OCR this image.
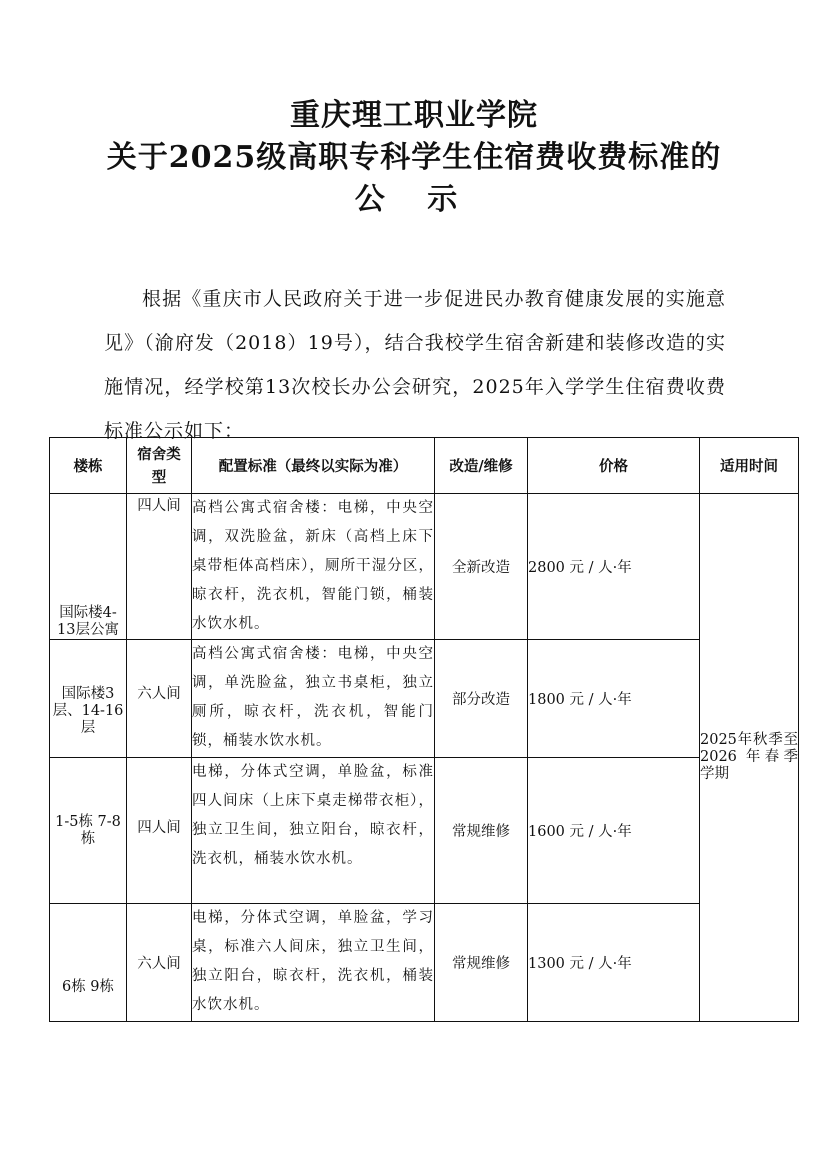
重庆理工职业学院
关于2025级高职专科学生住宿费收费标准的
公 示

根据《重庆市人民政府关于进一步促进民办教育健康发展的实施意见》（渝府发（2018）19号），结合我校学生宿舍新建和装修改造的实施情况，经学校第13次校长办公会研究，2025年入学学生住宿费收费标准公示如下：

楼栋	宿舍类型	配置标准（最终以实际为准）	改造/维修	价格	适用时间
国际楼4-13层公寓	四人间	高档公寓式宿舍楼：电梯，中央空调，双洗脸盆，新床（高档上床下桌带柜体高档床），厕所干湿分区，晾衣杆，洗衣机，智能门锁，桶装水饮水机。	全新改造	2800 元 / 人·年	2025年秋季至 2026 年春季学期

国际楼3层、14-16层	六人间	高档公寓式宿舍楼：电梯，中央空调，单洗脸盆，独立书桌柜，独立厕所，晾衣杆，洗衣机，智能门锁，桶装水饮水机。	部分改造	1800 元 / 人·年	
1-5栋 7-8栋	四人间	电梯，分体式空调，单脸盆，标准四人间床（上床下桌走梯带衣柜），独立卫生间，独立阳台，晾衣杆，洗衣机，桶装水饮水机。	常规维修	1600 元 / 人·年	
6栋 9栋	六人间	电梯，分体式空调，单脸盆，学习桌，标准六人间床，独立卫生间，独立阳台，晾衣杆，洗衣机，桶装水饮水机。	常规维修	1300 元 / 人·年	
